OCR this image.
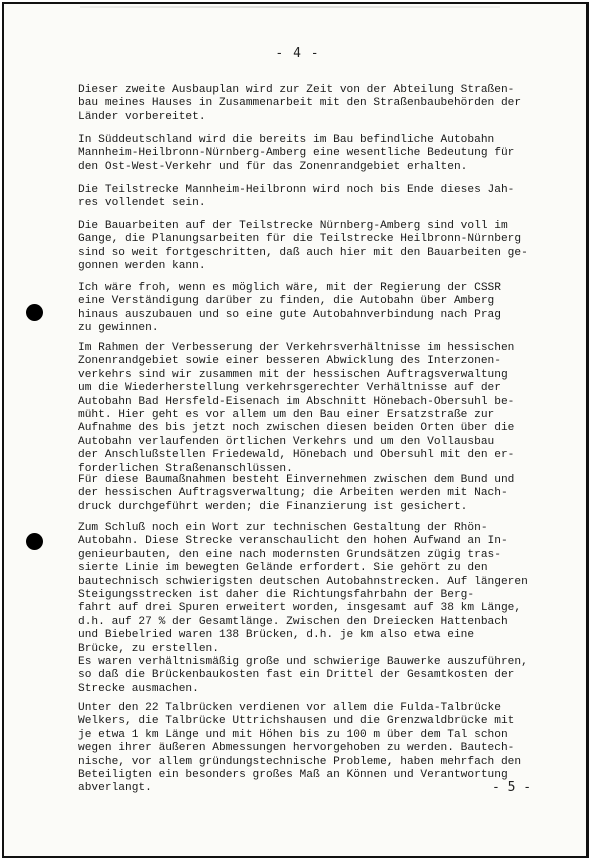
- 4 -

Dieser zweite Ausbauplan wird zur Zeit von der Abteilung Straßen-
bau meines Hauses in Zusammenarbeit mit den Straßenbaubehörden der
Länder vorbereitet.

In Süddeutschland wird die bereits im Bau befindliche Autobahn
Mannheim-Heilbronn-Nürnberg-Amberg eine wesentliche Bedeutung für
den Ost-West-Verkehr und für das Zonenrandgebiet erhalten.

Die Teilstrecke Mannheim-Heilbronn wird noch bis Ende dieses Jah-
res vollendet sein.

Die Bauarbeiten auf der Teilstrecke Nürnberg-Amberg sind voll im
Gange, die Planungsarbeiten für die Teilstrecke Heilbronn-Nürnberg
sind so weit fortgeschritten, daß auch hier mit den Bauarbeiten ge-
gonnen werden kann.

Ich wäre froh, wenn es möglich wäre, mit der Regierung der CSSR
eine Verständigung darüber zu finden, die Autobahn über Amberg
hinaus auszubauen und so eine gute Autobahnverbindung nach Prag
zu gewinnen.

Im Rahmen der Verbesserung der Verkehrsverhältnisse im hessischen
Zonenrandgebiet sowie einer besseren Abwicklung des Interzonen-
verkehrs sind wir zusammen mit der hessischen Auftragsverwaltung
um die Wiederherstellung verkehrsgerechter Verhältnisse auf der
Autobahn Bad Hersfeld-Eisenach im Abschnitt Hönebach-Obersuhl be-
müht. Hier geht es vor allem um den Bau einer Ersatzstraße zur
Aufnahme des bis jetzt noch zwischen diesen beiden Orten über die
Autobahn verlaufenden örtlichen Verkehrs und um den Vollausbau
der Anschlußstellen Friedewald, Hönebach und Obersuhl mit den er-
forderlichen Straßenanschlüssen.

Für diese Baumaßnahmen besteht Einvernehmen zwischen dem Bund und
der hessischen Auftragsverwaltung; die Arbeiten werden mit Nach-
druck durchgeführt werden; die Finanzierung ist gesichert.

Zum Schluß noch ein Wort zur technischen Gestaltung der Rhön-
Autobahn. Diese Strecke veranschaulicht den hohen Aufwand an In-
genieurbauten, den eine nach modernsten Grundsätzen zügig tras-
sierte Linie im bewegten Gelände erfordert. Sie gehört zu den
bautechnisch schwierigsten deutschen Autobahnstrecken. Auf längeren
Steigungsstrecken ist daher die Richtungsfahrbahn der Berg-
fahrt auf drei Spuren erweitert worden, insgesamt auf 38 km Länge,
d.h. auf 27 % der Gesamtlänge. Zwischen den Dreiecken Hattenbach
und Biebelried waren 138 Brücken, d.h. je km also etwa eine
Brücke, zu erstellen.

Es waren verhältnismäßig große und schwierige Bauwerke auszuführen,
so daß die Brückenbaukosten fast ein Drittel der Gesamtkosten der
Strecke ausmachen.

Unter den 22 Talbrücken verdienen vor allem die Fulda-Talbrücke
Welkers, die Talbrücke Uttrichshausen und die Grenzwaldbrücke mit
je etwa 1 km Länge und mit Höhen bis zu 100 m über dem Tal schon
wegen ihrer äußeren Abmessungen hervorgehoben zu werden. Bautech-
nische, vor allem gründungstechnische Probleme, haben mehrfach den
Beteiligten ein besonders großes Maß an Können und Verantwortung
abverlangt.	- 5 -
